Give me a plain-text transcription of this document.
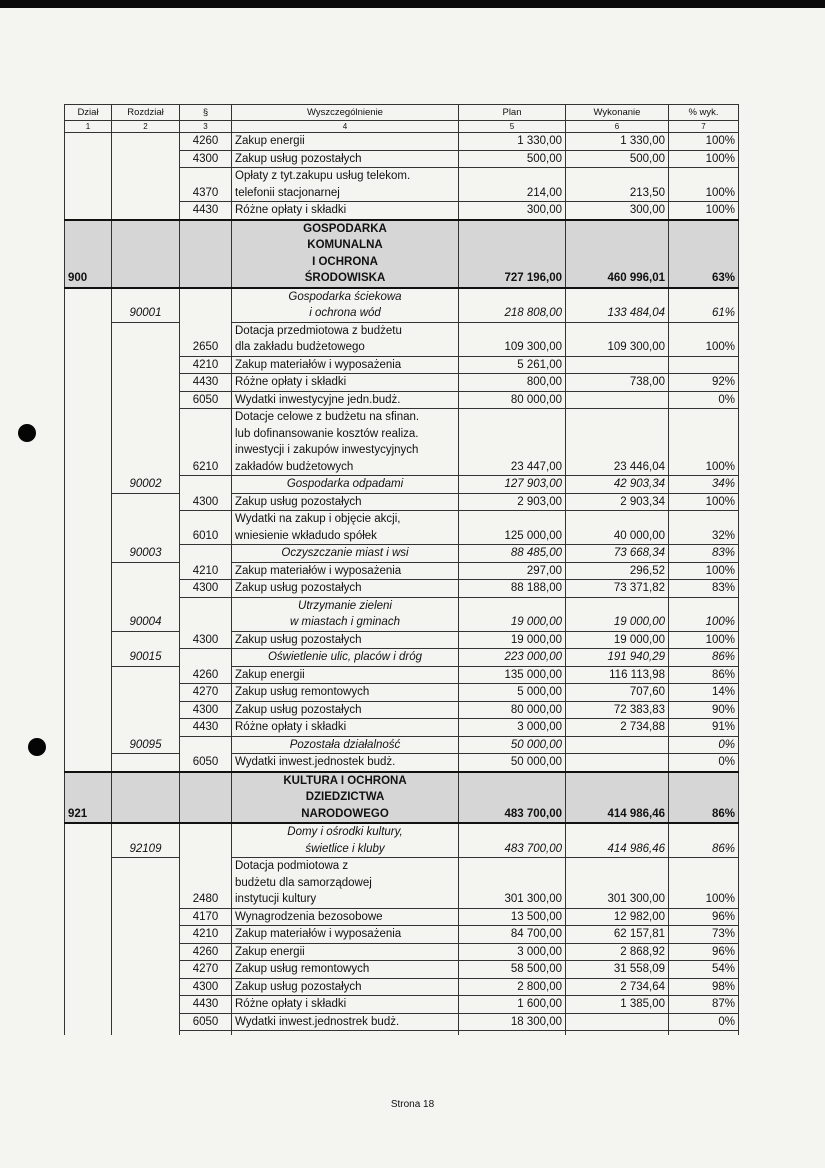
Dział	Rozdział	§	Wyszczególnienie	Plan	Wykonanie	% wyk.
1	2	3	4	5	6	7
		4260	Zakup energii	1 330,00	1 330,00	100%
		4300	Zakup usług pozostałych	500,00	500,00	100%
		4370	Opłaty z tyt.zakupu usług telekom.
telefonii stacjonarnej	214,00	213,50	100%
		4430	Różne opłaty i składki	300,00	300,00	100%
900			GOSPODARKA
KOMUNALNA
I OCHRONA
ŚRODOWISKA	727 196,00	460 996,01	63%
	90001		Gospodarka ściekowa
i ochrona wód	218 808,00	133 484,04	61%
		2650	Dotacja przedmiotowa z budżetu
dla zakładu budżetowego	109 300,00	109 300,00	100%
		4210	Zakup materiałów i wyposażenia	5 261,00		
		4430	Różne opłaty i składki	800,00	738,00	92%
		6050	Wydatki inwestycyjne jedn.budż.	80 000,00		0%
		6210	Dotacje celowe z budżetu na sfinan.
lub dofinansowanie kosztów realiza.
inwestycji i zakupów inwestycyjnych
zakładów budżetowych	23 447,00	23 446,04	100%
	90002		Gospodarka odpadami	127 903,00	42 903,34	34%
		4300	Zakup usług pozostałych	2 903,00	2 903,34	100%
		6010	Wydatki na zakup i objęcie akcji,
wniesienie wkładudo spółek	125 000,00	40 000,00	32%
	90003		Oczyszczanie miast i wsi	88 485,00	73 668,34	83%
		4210	Zakup materiałów i wyposażenia	297,00	296,52	100%
		4300	Zakup usług pozostałych	88 188,00	73 371,82	83%
	90004		Utrzymanie zieleni
w miastach i gminach	19 000,00	19 000,00	100%
		4300	Zakup usług pozostałych	19 000,00	19 000,00	100%
	90015		Oświetlenie ulic, placów i dróg	223 000,00	191 940,29	86%
		4260	Zakup energii	135 000,00	116 113,98	86%
		4270	Zakup usług remontowych	5 000,00	707,60	14%
		4300	Zakup usług pozostałych	80 000,00	72 383,83	90%
		4430	Różne opłaty i składki	3 000,00	2 734,88	91%
	90095		Pozostała działalność	50 000,00		0%
		6050	Wydatki inwest.jednostek budż.	50 000,00		0%
921			KULTURA I OCHRONA
DZIEDZICTWA
NARODOWEGO	483 700,00	414 986,46	86%
	92109		Domy i ośrodki kultury,
świetlice i kluby	483 700,00	414 986,46	86%
		2480	Dotacja podmiotowa z
budżetu dla samorządowej
instytucji kultury	301 300,00	301 300,00	100%
		4170	Wynagrodzenia bezosobowe	13 500,00	12 982,00	96%
		4210	Zakup materiałów i wyposażenia	84 700,00	62 157,81	73%
		4260	Zakup energii	3 000,00	2 868,92	96%
		4270	Zakup usług remontowych	58 500,00	31 558,09	54%
		4300	Zakup usług pozostałych	2 800,00	2 734,64	98%
		4430	Różne opłaty i składki	1 600,00	1 385,00	87%
		6050	Wydatki inwest.jednostrek budż.	18 300,00		0%

Strona 18
